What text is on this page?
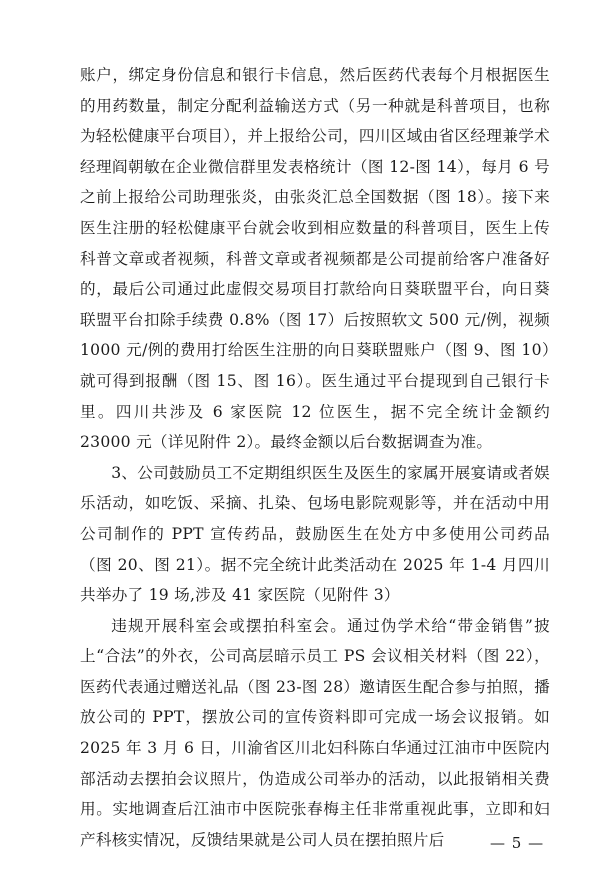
账户，绑定身份信息和银行卡信息，然后医药代表每个月根据医生的用药数量，制定分配利益输送方式（另一种就是科普项目，也称为轻松健康平台项目），并上报给公司，四川区域由省区经理兼学术经理阎朝敏在企业微信群里发表格统计（图 12-图 14），每月 6 号之前上报给公司助理张炎，由张炎汇总全国数据（图 18）。接下来医生注册的轻松健康平台就会收到相应数量的科普项目，医生上传科普文章或者视频，科普文章或者视频都是公司提前给客户准备好的，最后公司通过此虚假交易项目打款给向日葵联盟平台，向日葵联盟平台扣除手续费 0.8%（图 17）后按照软文 500 元/例，视频 1000 元/例的费用打给医生注册的向日葵联盟账户（图 9、图 10）就可得到报酬（图 15、图 16）。医生通过平台提现到自己银行卡里。四川共涉及 6 家医院 12 位医生，据不完全统计金额约 23000 元（详见附件 2）。最终金额以后台数据调查为准。

3、公司鼓励员工不定期组织医生及医生的家属开展宴请或者娱乐活动，如吃饭、采摘、扎染、包场电影院观影等，并在活动中用公司制作的 PPT 宣传药品，鼓励医生在处方中多使用公司药品（图 20、图 21）。据不完全统计此类活动在 2025 年 1-4 月四川共举办了 19 场,涉及 41 家医院（见附件 3）

违规开展科室会或摆拍科室会。通过伪学术给“带金销售”披上“合法”的外衣，公司高层暗示员工 PS 会议相关材料（图 22），医药代表通过赠送礼品（图 23-图 28）邀请医生配合参与拍照，播放公司的 PPT，摆放公司的宣传资料即可完成一场会议报销。如 2025 年 3 月 6 日，川渝省区川北妇科陈白华通过江油市中医院内部活动去摆拍会议照片，伪造成公司举办的活动，以此报销相关费用。实地调查后江油市中医院张春梅主任非常重视此事，立即和妇产科核实情况，反馈结果就是公司人员在摆拍照片后	— 5 —
